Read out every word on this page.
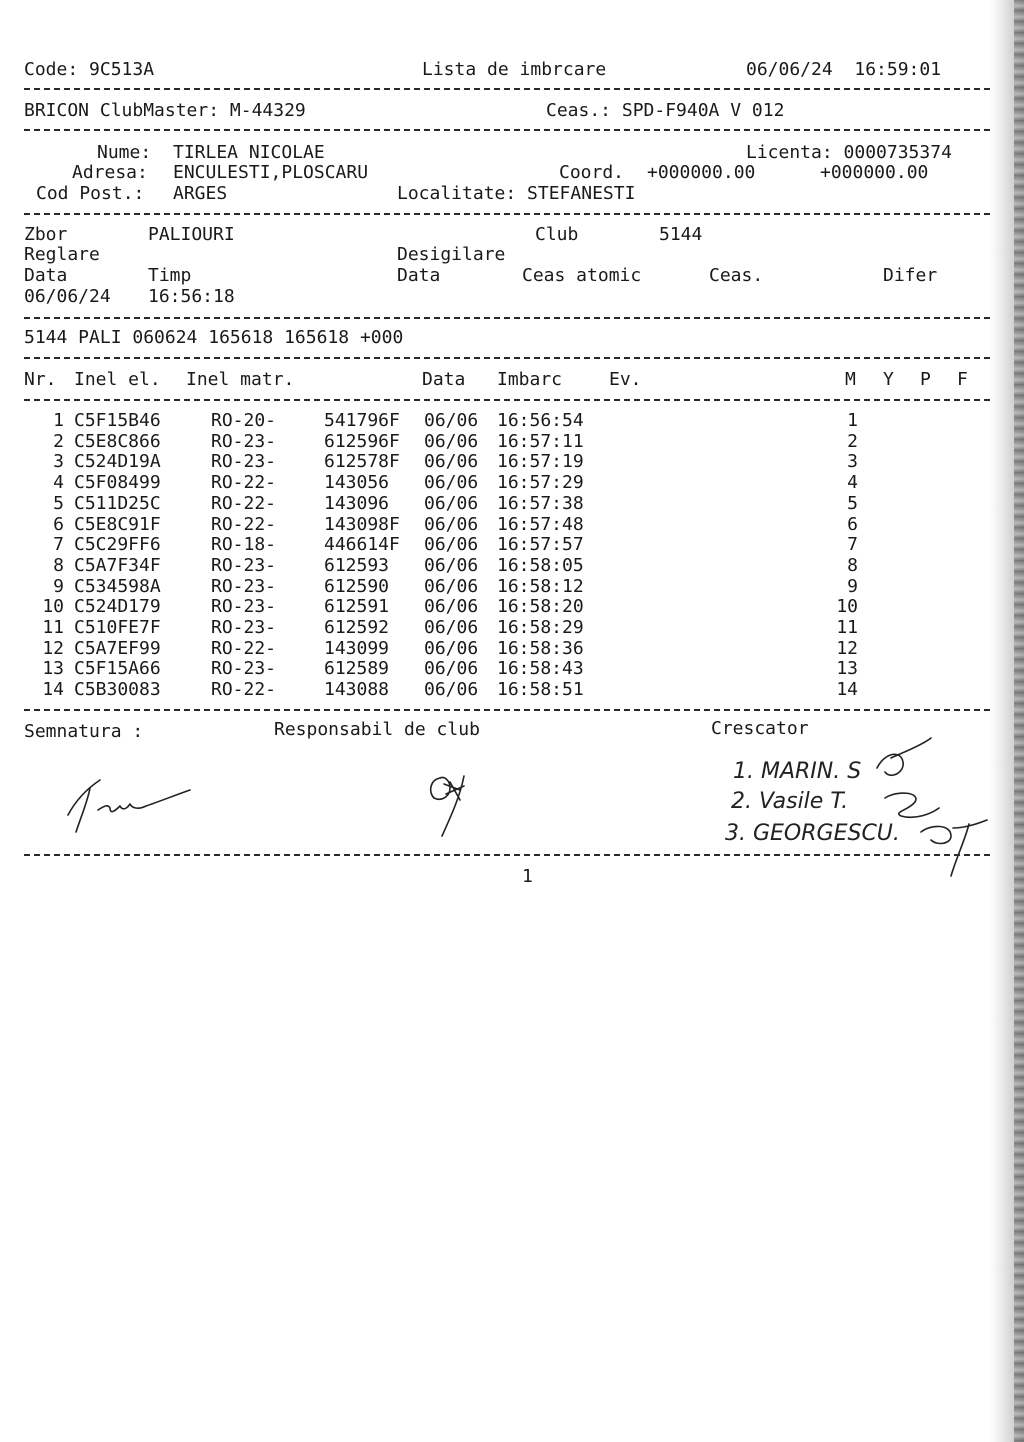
Code: 9C513A	Lista de imbrcare	06/06/24  16:59:01
BRICON ClubMaster: M-44329	Ceas.: SPD-F940A V 012
Nume: TIRLEA NICOLAE	Licenta: 0000735374
Adresa: ENCULESTI,PLOSCARU	Coord. +000000.00	+000000.00
Cod Post.: ARGES	Localitate: STEFANESTI
Zbor	PALIOURI	Club	5144
Reglare	Desigilare
Data	Timp	Data	Ceas atomic	Ceas.	Difer
06/06/24 16:56:18
5144 PALI 060624 165618 165618 +000
Nr. Inel el. Inel matr.	Data Imbarc	Ev.	M Y P F
1 C5F15B46	RO-20-	541796F	06/06	16:56:54	1
2 C5E8C866	RO-23-	612596F	06/06	16:57:11	2
3 C524D19A	RO-23-	612578F	06/06	16:57:19	3
4 C5F08499	RO-22-	143056	06/06	16:57:29	4
5 C511D25C	RO-22-	143096	06/06	16:57:38	5
6 C5E8C91F	RO-22-	143098F	06/06	16:57:48	6
7 C5C29FF6	RO-18-	446614F	06/06	16:57:57	7
8 C5A7F34F	RO-23-	612593	06/06	16:58:05	8
9 C534598A	RO-23-	612590	06/06	16:58:12	9
10 C524D179	RO-23-	612591	06/06	16:58:20	10
11 C510FE7F	RO-23-	612592	06/06	16:58:29	11
12 C5A7EF99	RO-22-	143099	06/06	16:58:36	12
13 C5F15A66	RO-23-	612589	06/06	16:58:43	13
14 C5B30083	RO-22-	143088	06/06	16:58:51	14
Semnatura :	Responsabil de club	Crescator
1. MARIN. S
2. Vasile T.
3. GEORGESCU.
1
